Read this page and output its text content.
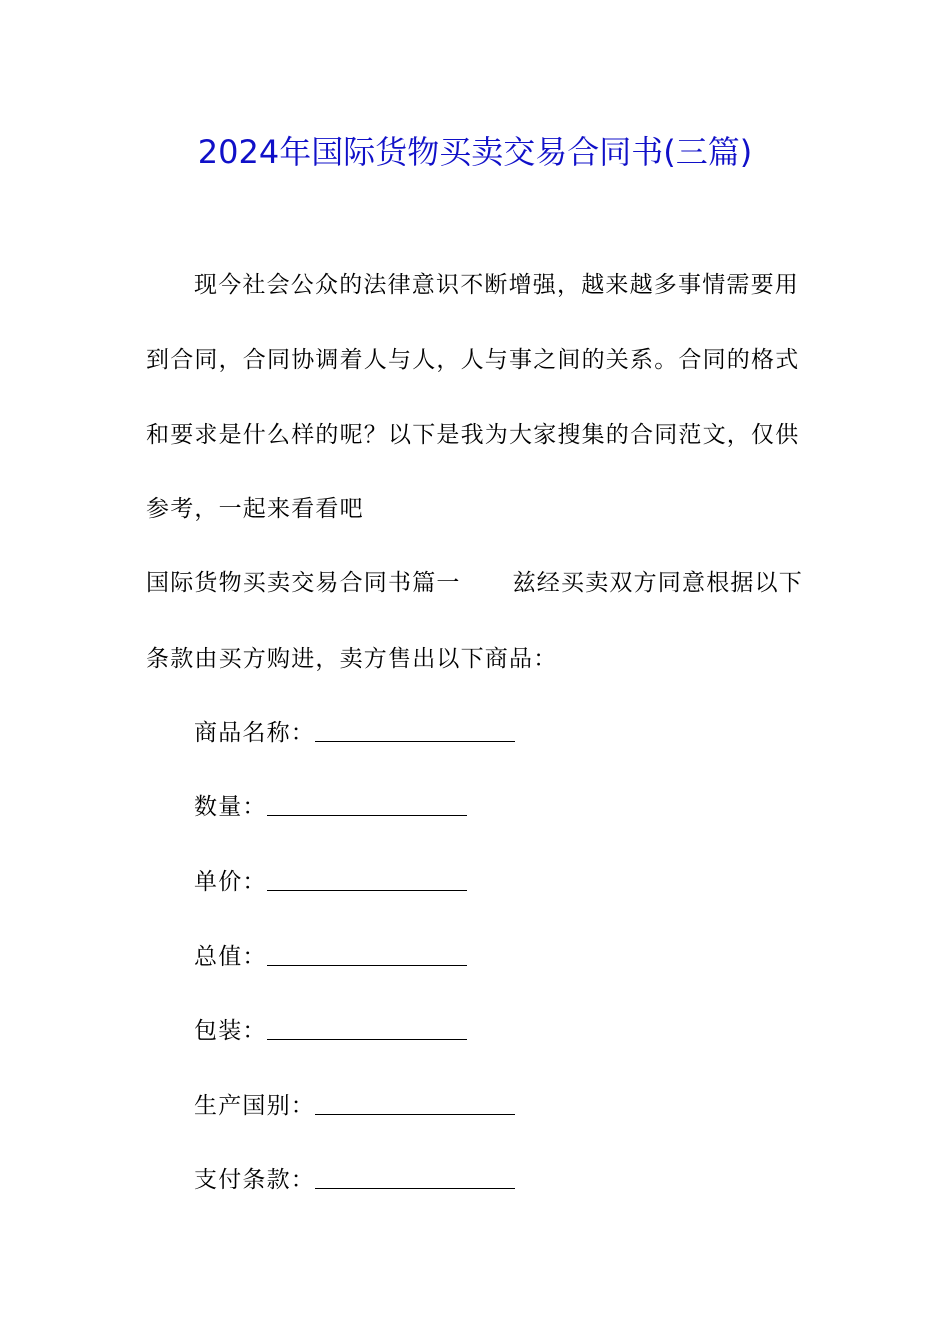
2024年国际货物买卖交易合同书(三篇)
现今社会公众的法律意识不断增强，越来越多事情需要用
到合同，合同协调着人与人，人与事之间的关系。合同的格式
和要求是什么样的呢？以下是我为大家搜集的合同范文，仅供
参考，一起来看看吧
国际货物买卖交易合同书篇一 兹经买卖双方同意根据以下
条款由买方购进，卖方售出以下商品：
商品名称：
数量：
单价：
总值：
包装：
生产国别：
支付条款：
